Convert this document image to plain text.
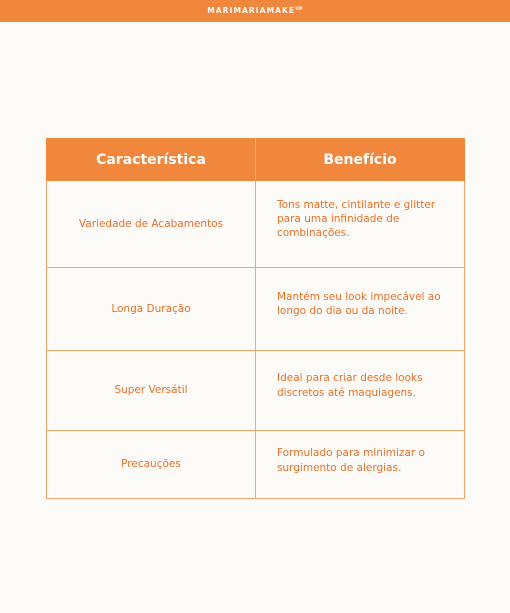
$MARIMARIAMAKE^{UP}$
Característica	Benefício
Variedade de Acabamentos	Tons matte, cintilante e glitter para uma infinidade de combinações.

Longa Duração	Mantém seu look impecável ao longo do dia ou da noite.

Super Versátil	Ideal para criar desde looks discretos até maquiagens.

Precauções	Formulado para minimizar o surgimento de alergias.
